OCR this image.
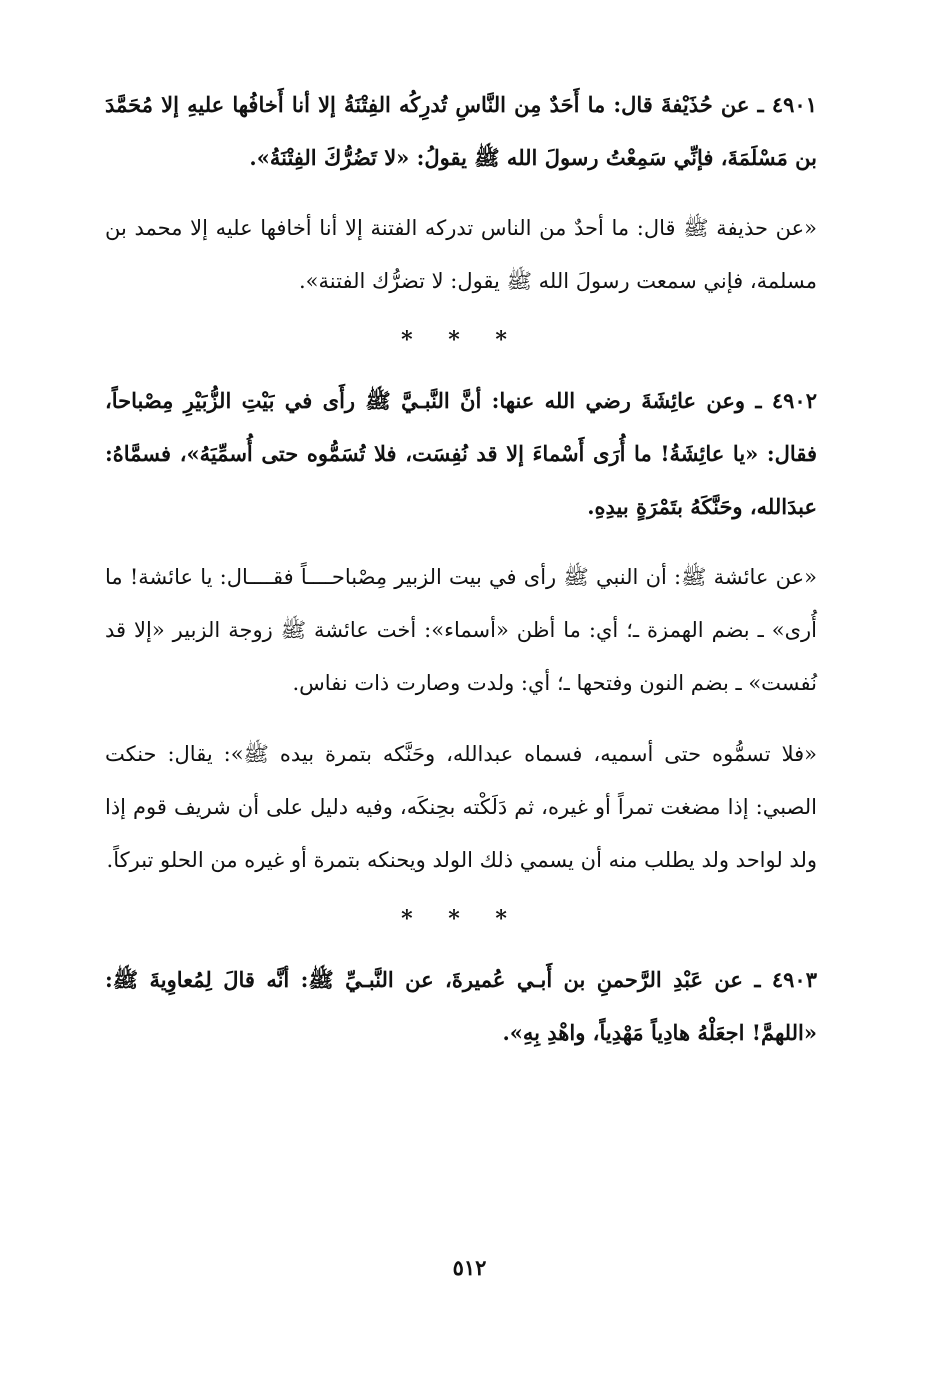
٤٩٠١ ـ عن حُذَيْفةَ قال: ما أَحَدٌ مِن النَّاسِ تُدرِكُه الفِتْنَةُ إلا أنا أَخافُها عليهِ إلا مُحَمَّدَ بن مَسْلَمَةَ، فإنِّي سَمِعْتُ رسولَ الله ﷺ يقولُ: «لا تَضُرُّكَ الفِتْنَةُ».

«عن حذيفة ﷺ قال: ما أحدٌ من الناس تدركه الفتنة إلا أنا أخافها عليه إلا محمد بن مسلمة، فإني سمعت رسولَ الله ﷺ يقول: لا تضرُّك الفتنة».

* * *

٤٩٠٢ ـ وعن عائِشَةَ رضي الله عنها: أنَّ النَّبـيَّ ﷺ رأَى في بَيْتِ الزُّبَيْرِ مِصْباحاً، فقال: «يا عائِشَةُ! ما أُرَى أَسْماءَ إلا قد نُفِسَت، فلا تُسَمُّوه حتى أُسمِّيَهُ»، فسمَّاهُ: عبدَالله، وحَنَّكَهُ بتَمْرَةٍ بيدِهِ.

«عن عائشة ﷺ: أن النبي ﷺ رأى في بيت الزبير مِصْباحــــاً فقــــال: يا عائشة! ما أُرى» ـ بضم الهمزة ـ؛ أي: ما أظن «أسماء»: أخت عائشة ﷺ زوجة الزبير «إلا قد نُفست» ـ بضم النون وفتحها ـ؛ أي: ولدت وصارت ذات نفاس.

«فلا تسمُّوه حتى أسميه، فسماه عبدالله، وحَنَّكه بتمرة بيده ﷺ»: يقال: حنكت الصبي: إذا مضغت تمراً أو غيره، ثم دَلَكْته بحِنكَه، وفيه دليل على أن شريف قوم إذا ولد لواحد ولد يطلب منه أن يسمي ذلك الولد ويحنكه بتمرة أو غيره من الحلو تبركاً.

* * *

٤٩٠٣ ـ عن عَبْدِ الرَّحمنِ بن أَبـي عُميرةَ، عن النَّبـيِّ ﷺ: أنَّه قالَ لِمُعاوِيةَ ﷺ: «اللهمَّ! اجعَلْهُ هادِياً مَهْدِياً، واهْدِ بِهِ».

٥١٢
